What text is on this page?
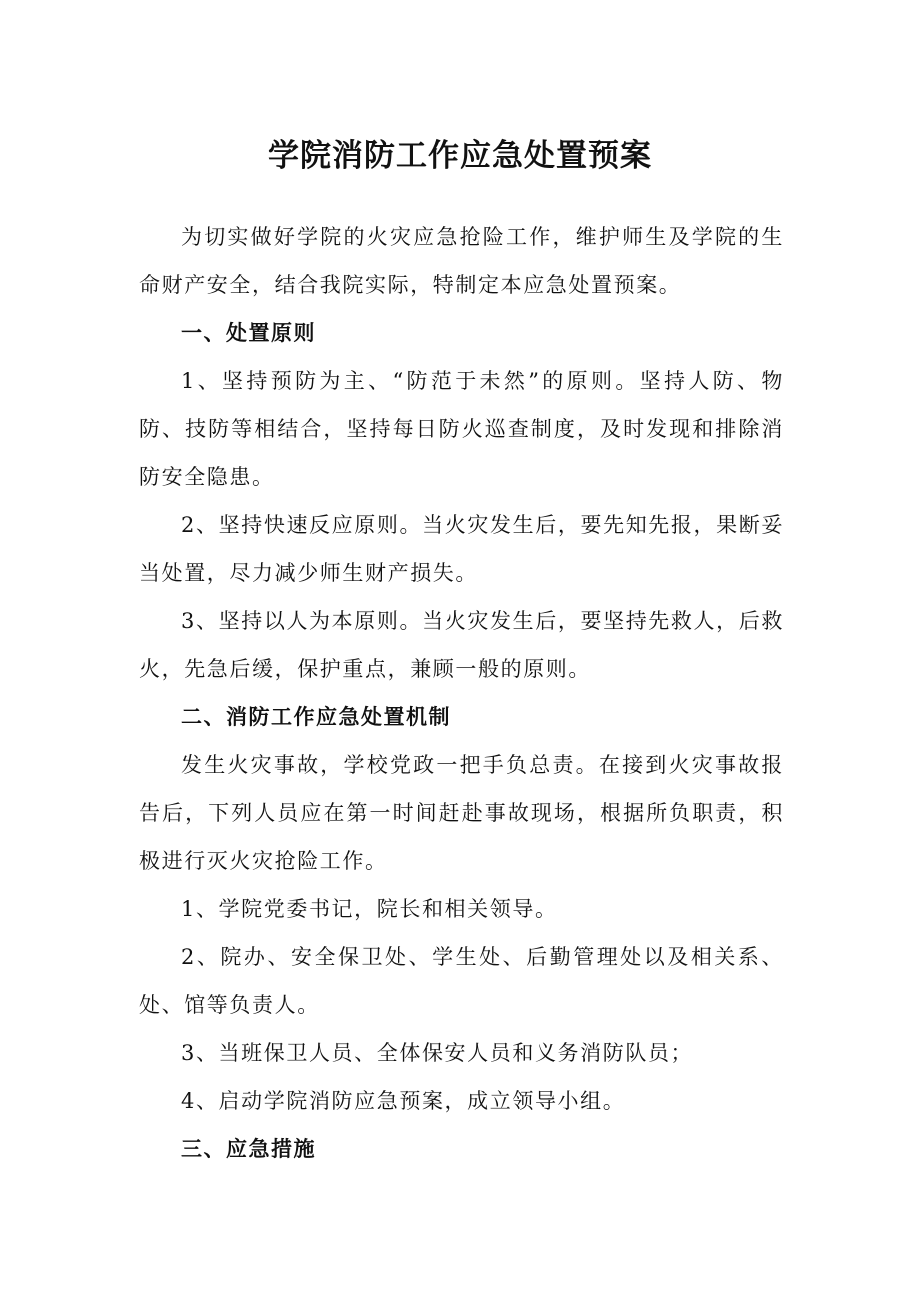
学院消防工作应急处置预案

为切实做好学院的火灾应急抢险工作，维护师生及学院的生命财产安全，结合我院实际，特制定本应急处置预案。

一、处置原则

1、坚持预防为主、“防范于未然”的原则。坚持人防、物防、技防等相结合，坚持每日防火巡查制度，及时发现和排除消防安全隐患。

2、坚持快速反应原则。当火灾发生后，要先知先报，果断妥当处置，尽力减少师生财产损失。

3、坚持以人为本原则。当火灾发生后，要坚持先救人，后救火，先急后缓，保护重点，兼顾一般的原则。

二、消防工作应急处置机制

发生火灾事故，学校党政一把手负总责。在接到火灾事故报告后，下列人员应在第一时间赶赴事故现场，根据所负职责，积极进行灭火灾抢险工作。

1、学院党委书记，院长和相关领导。

2、院办、安全保卫处、学生处、后勤管理处以及相关系、处、馆等负责人。

3、当班保卫人员、全体保安人员和义务消防队员；

4、启动学院消防应急预案，成立领导小组。

三、应急措施
